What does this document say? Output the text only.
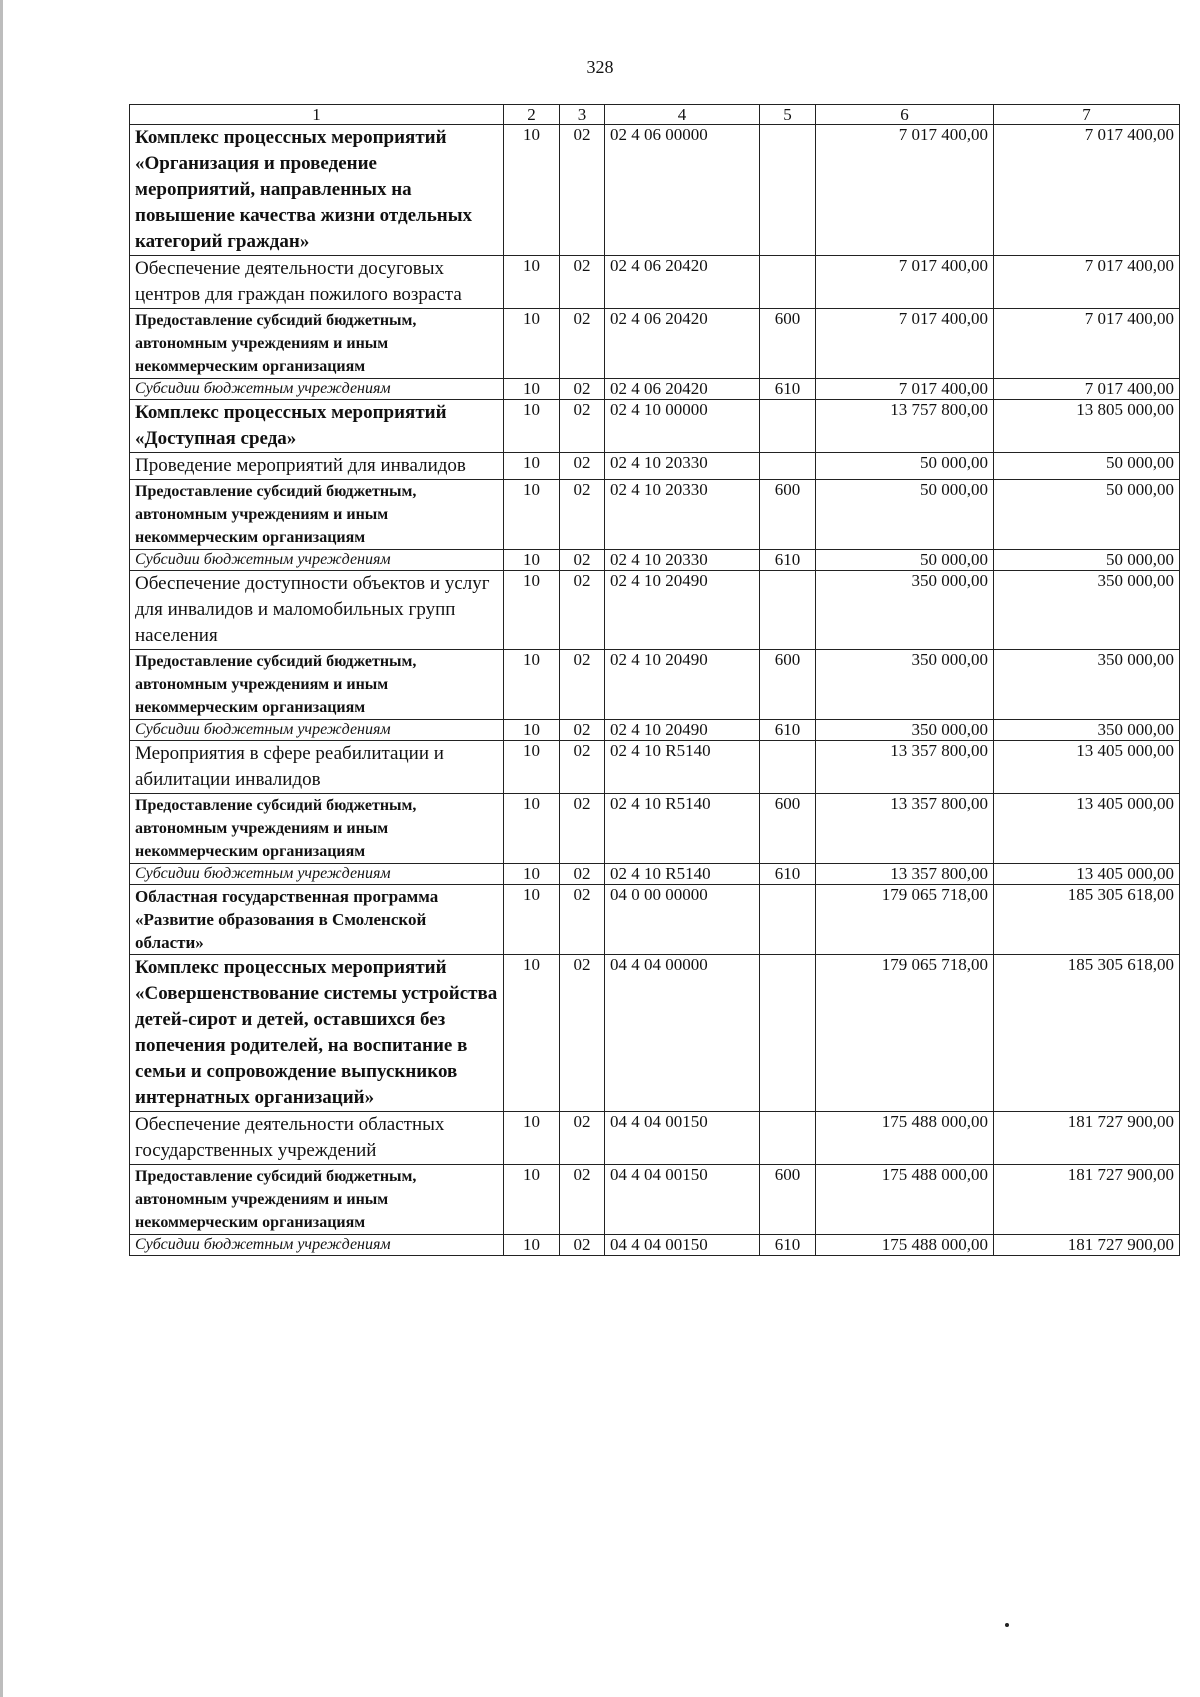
328
1	2	3	4	5	6	7
Комплекс процессных мероприятий «Организация и проведение мероприятий, направленных на повышение качества жизни отдельных категорий граждан»	10	02	02 4 06 00000		7 017 400,00	7 017 400,00
Обеспечение деятельности досуговых центров для граждан пожилого возраста	10	02	02 4 06 20420		7 017 400,00	7 017 400,00
Предоставление субсидий бюджетным, автономным учреждениям и иным некоммерческим организациям	10	02	02 4 06 20420	600	7 017 400,00	7 017 400,00
Субсидии бюджетным учреждениям	10	02	02 4 06 20420	610	7 017 400,00	7 017 400,00
Комплекс процессных мероприятий «Доступная среда»	10	02	02 4 10 00000		13 757 800,00	13 805 000,00
Проведение мероприятий для инвалидов	10	02	02 4 10 20330		50 000,00	50 000,00
Предоставление субсидий бюджетным, автономным учреждениям и иным некоммерческим организациям	10	02	02 4 10 20330	600	50 000,00	50 000,00
Субсидии бюджетным учреждениям	10	02	02 4 10 20330	610	50 000,00	50 000,00
Обеспечение доступности объектов и услуг для инвалидов и маломобильных групп населения	10	02	02 4 10 20490		350 000,00	350 000,00
Предоставление субсидий бюджетным, автономным учреждениям и иным некоммерческим организациям	10	02	02 4 10 20490	600	350 000,00	350 000,00
Субсидии бюджетным учреждениям	10	02	02 4 10 20490	610	350 000,00	350 000,00
Мероприятия в сфере реабилитации и абилитации инвалидов	10	02	02 4 10 R5140		13 357 800,00	13 405 000,00
Предоставление субсидий бюджетным, автономным учреждениям и иным некоммерческим организациям	10	02	02 4 10 R5140	600	13 357 800,00	13 405 000,00
Субсидии бюджетным учреждениям	10	02	02 4 10 R5140	610	13 357 800,00	13 405 000,00
Областная государственная программа «Развитие образования в Смоленской области»	10	02	04 0 00 00000		179 065 718,00	185 305 618,00
Комплекс процессных мероприятий «Совершенствование системы устройства детей-сирот и детей, оставшихся без попечения родителей, на воспитание в семьи и сопровождение выпускников интернатных организаций»	10	02	04 4 04 00000		179 065 718,00	185 305 618,00
Обеспечение деятельности областных государственных учреждений	10	02	04 4 04 00150		175 488 000,00	181 727 900,00
Предоставление субсидий бюджетным, автономным учреждениям и иным некоммерческим организациям	10	02	04 4 04 00150	600	175 488 000,00	181 727 900,00
Субсидии бюджетным учреждениям	10	02	04 4 04 00150	610	175 488 000,00	181 727 900,00
